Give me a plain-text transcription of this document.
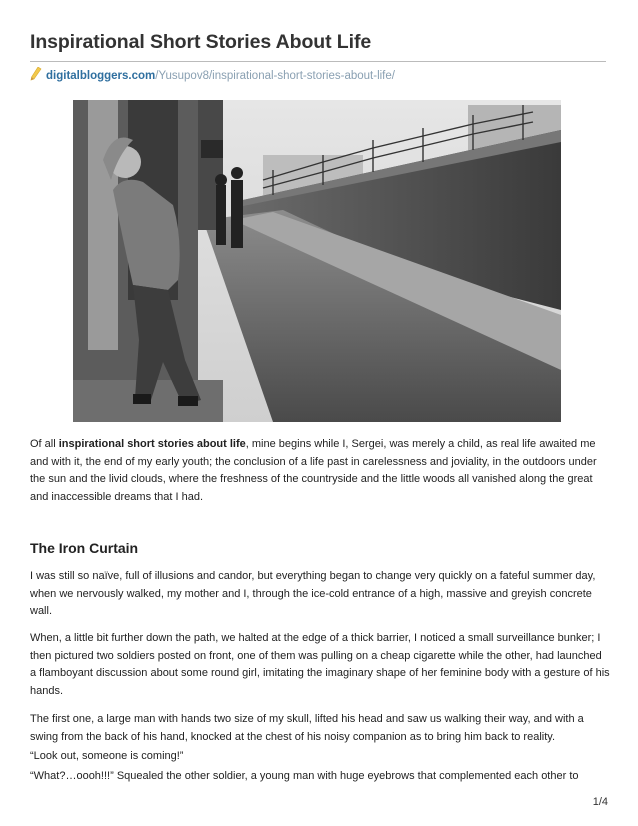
Inspirational Short Stories About Life
digitalbloggers.com/Yusupov8/inspirational-short-stories-about-life/

Of all inspirational short stories about life, mine begins while I, Sergei, was merely a child, as real life awaited me and with it, the end of my early youth; the conclusion of a life past in carelessness and joviality, in the outdoors under the sun and the livid clouds, where the freshness of the countryside and the little woods all vanished along the great and inaccessible dreams that I had.

The Iron Curtain

I was still so naïve, full of illusions and candor, but everything began to change very quickly on a fateful summer day, when we nervously walked, my mother and I, through the ice-cold entrance of a high, massive and greyish concrete wall.

When, a little bit further down the path, we halted at the edge of a thick barrier, I noticed a small surveillance bunker; I then pictured two soldiers posted on front, one of them was pulling on a cheap cigarette while the other, had launched a flamboyant discussion about some round girl, imitating the imaginary shape of her feminine body with a gesture of his hands.

The first one, a large man with hands two size of my skull, lifted his head and saw us walking their way, and with a swing from the back of his hand, knocked at the chest of his noisy companion as to bring him back to reality.

“Look out, someone is coming!”

“What?…oooh!!!” Squealed the other soldier, a young man with huge eyebrows that complemented each other to

1/4
